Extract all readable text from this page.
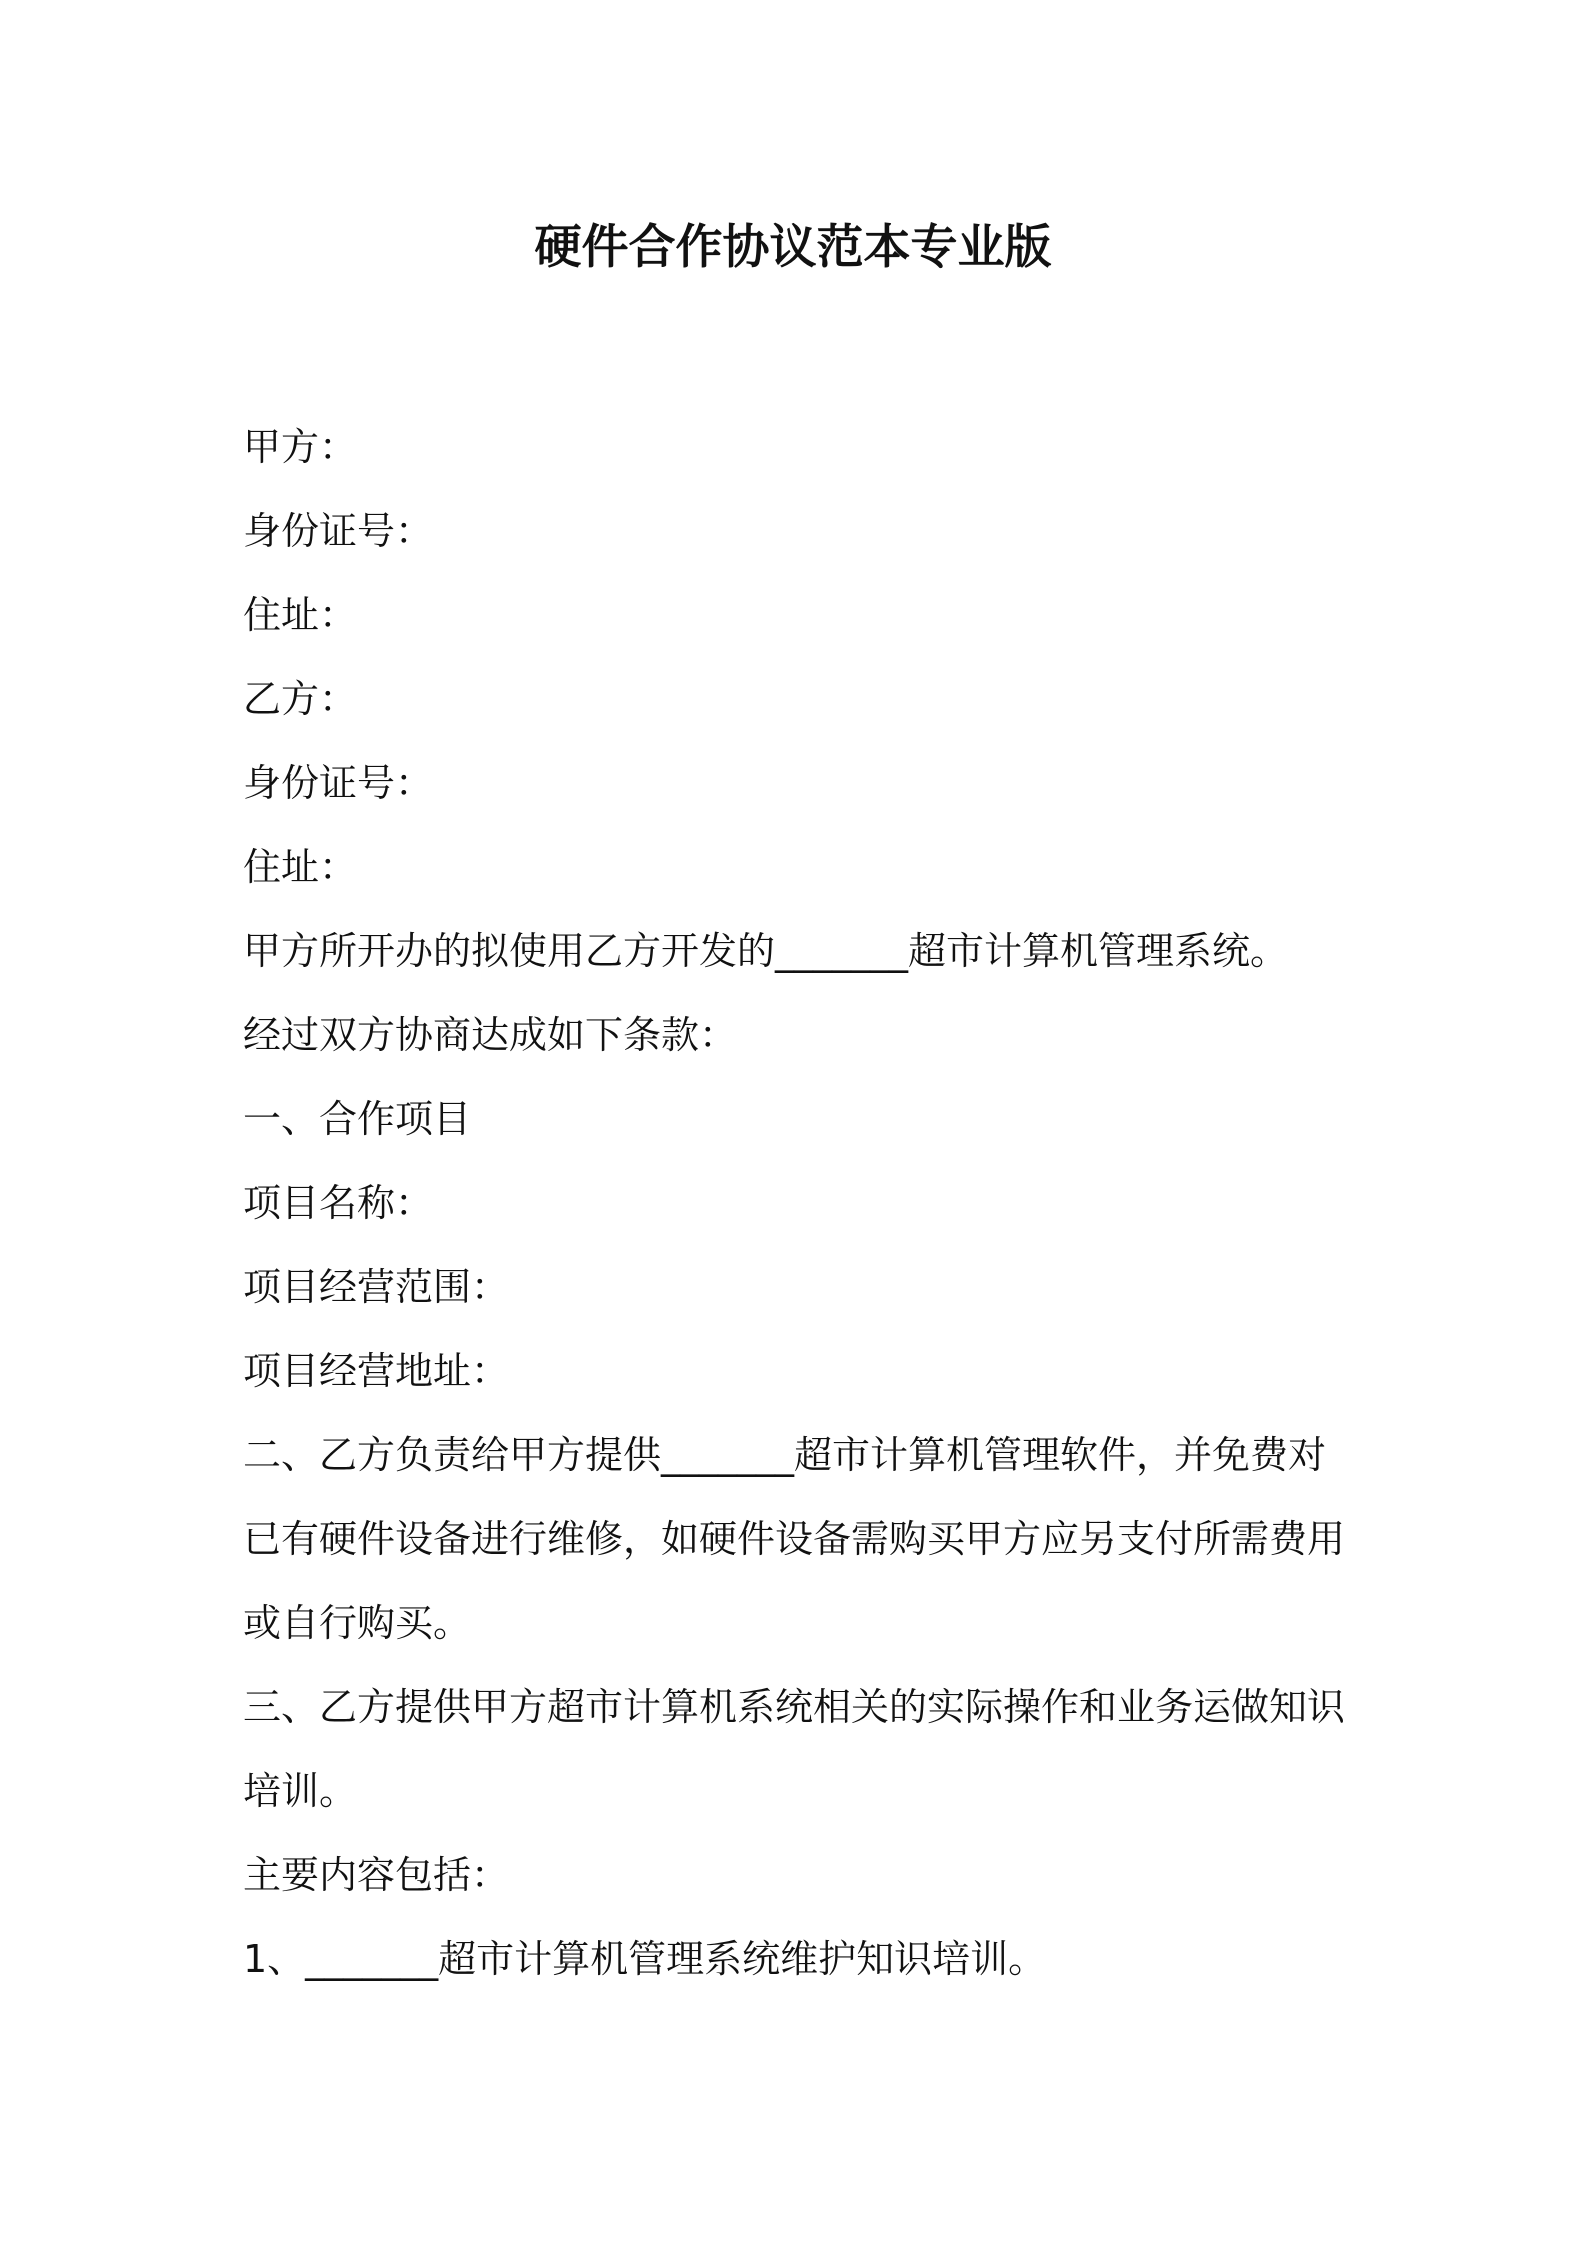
硬件合作协议范本专业版

甲方：

身份证号：

住址：

乙方：

身份证号：

住址：

甲方所开办的拟使用乙方开发的_______超市计算机管理系统。

经过双方协商达成如下条款：

一、合作项目

项目名称：

项目经营范围：

项目经营地址：

二、乙方负责给甲方提供_______超市计算机管理软件，并免费对已有硬件设备进行维修，如硬件设备需购买甲方应另支付所需费用或自行购买。

三、乙方提供甲方超市计算机系统相关的实际操作和业务运做知识培训。

主要内容包括：

1、_______超市计算机管理系统维护知识培训。
